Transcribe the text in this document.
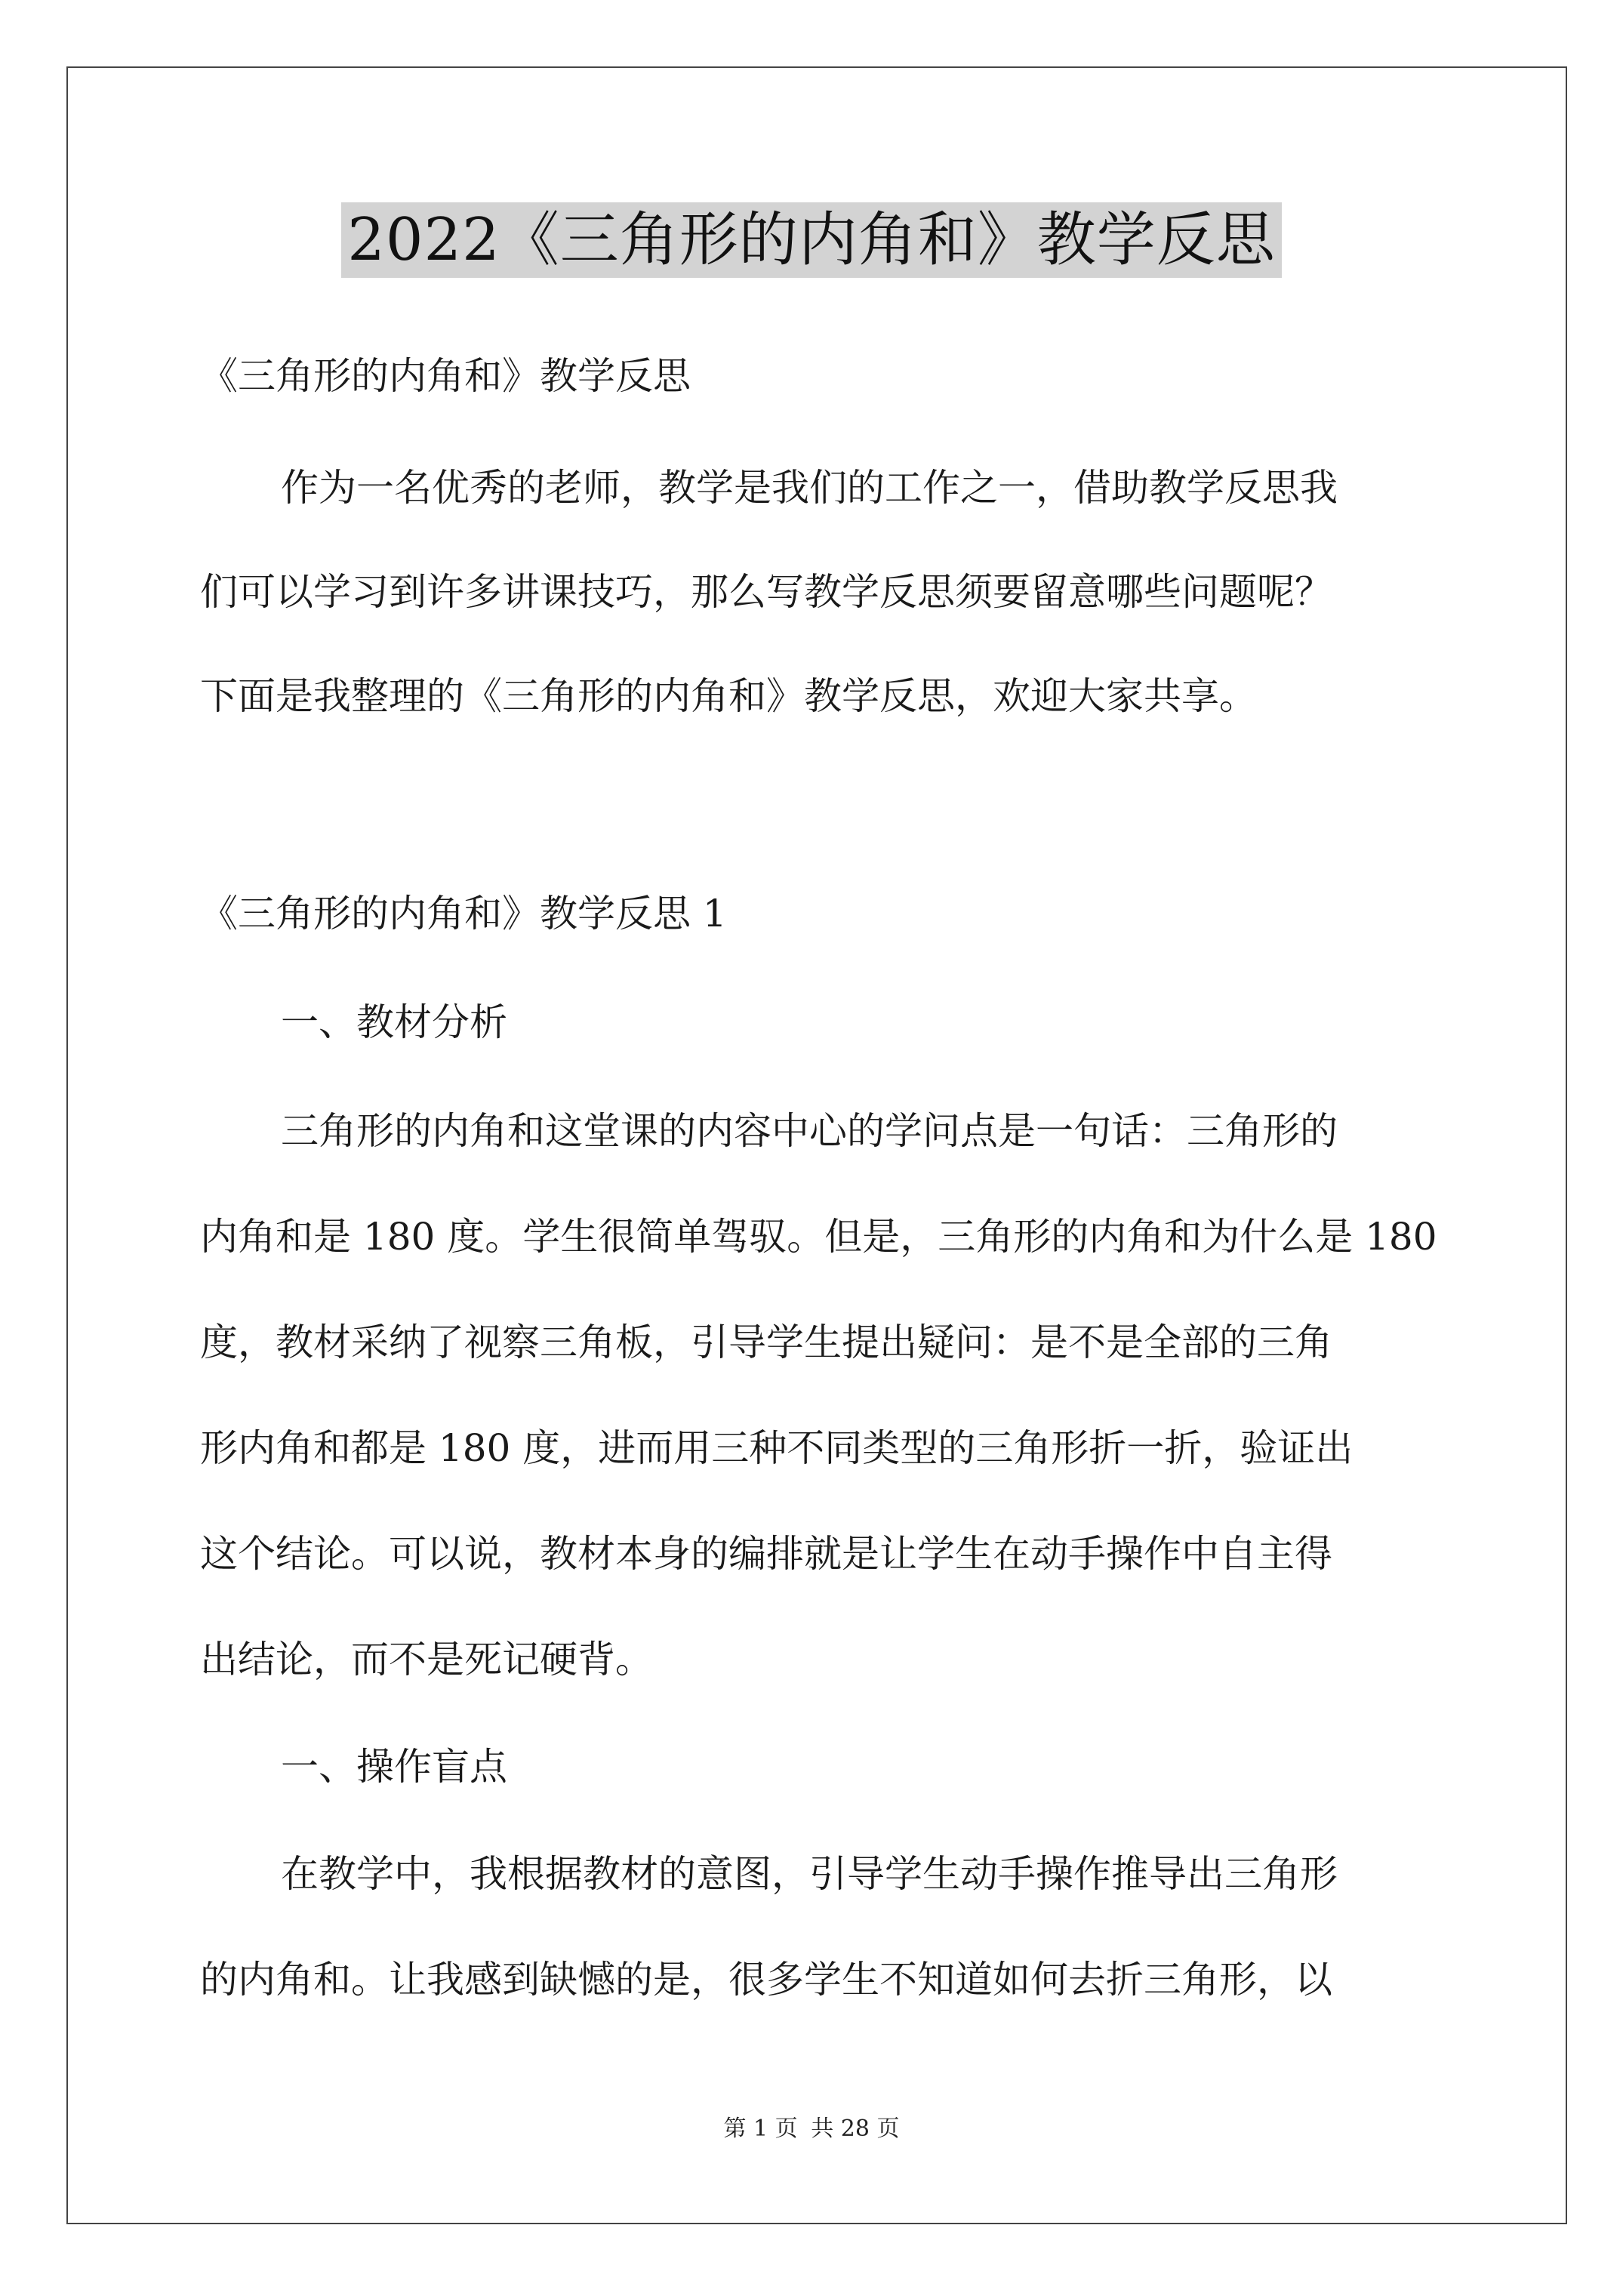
2022《三角形的内角和》教学反思
《三角形的内角和》教学反思
作为一名优秀的老师，教学是我们的工作之一，借助教学反思我
们可以学习到许多讲课技巧，那么写教学反思须要留意哪些问题呢？
下面是我整理的《三角形的内角和》教学反思，欢迎大家共享。
《三角形的内角和》教学反思 1
一、教材分析
三角形的内角和这堂课的内容中心的学问点是一句话：三角形的
内角和是 180 度。学生很简单驾驭。但是，三角形的内角和为什么是 180
度，教材采纳了视察三角板，引导学生提出疑问：是不是全部的三角
形内角和都是 180 度，进而用三种不同类型的三角形折一折，验证出
这个结论。可以说，教材本身的编排就是让学生在动手操作中自主得
出结论，而不是死记硬背。
一、操作盲点
在教学中，我根据教材的意图，引导学生动手操作推导出三角形
的内角和。让我感到缺憾的是，很多学生不知道如何去折三角形，以
第 1 页 共 28 页
